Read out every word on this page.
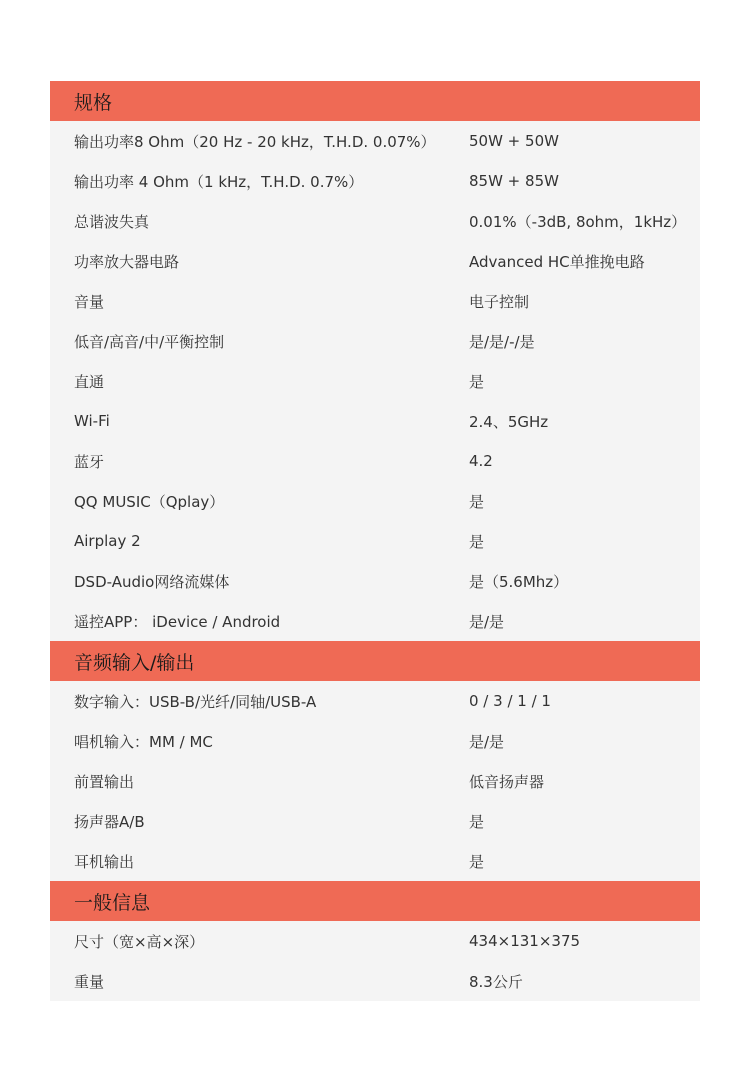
规格
输出功率8 Ohm（20 Hz - 20 kHz，T.H.D. 0.07%）	50W + 50W
输出功率 4 Ohm（1 kHz，T.H.D. 0.7%）	85W + 85W
总谐波失真	0.01%（-3dB, 8ohm，1kHz）
功率放大器电路	Advanced HC单推挽电路
音量	电子控制
低音/高音/中/平衡控制	是/是/-/是
直通	是
Wi-Fi	2.4、5GHz
蓝牙	4.2
QQ MUSIC（Qplay）	是
Airplay 2	是
DSD-Audio网络流媒体	是（5.6Mhz）
遥控APP： iDevice / Android	是/是
音频输入/输出
数字输入：USB-B/光纤/同轴/USB-A	0 / 3 / 1 / 1
唱机输入：MM / MC	是/是
前置输出	低音扬声器
扬声器A/B	是
耳机输出	是
一般信息
尺寸（宽×高×深）	434×131×375
重量	8.3公斤
